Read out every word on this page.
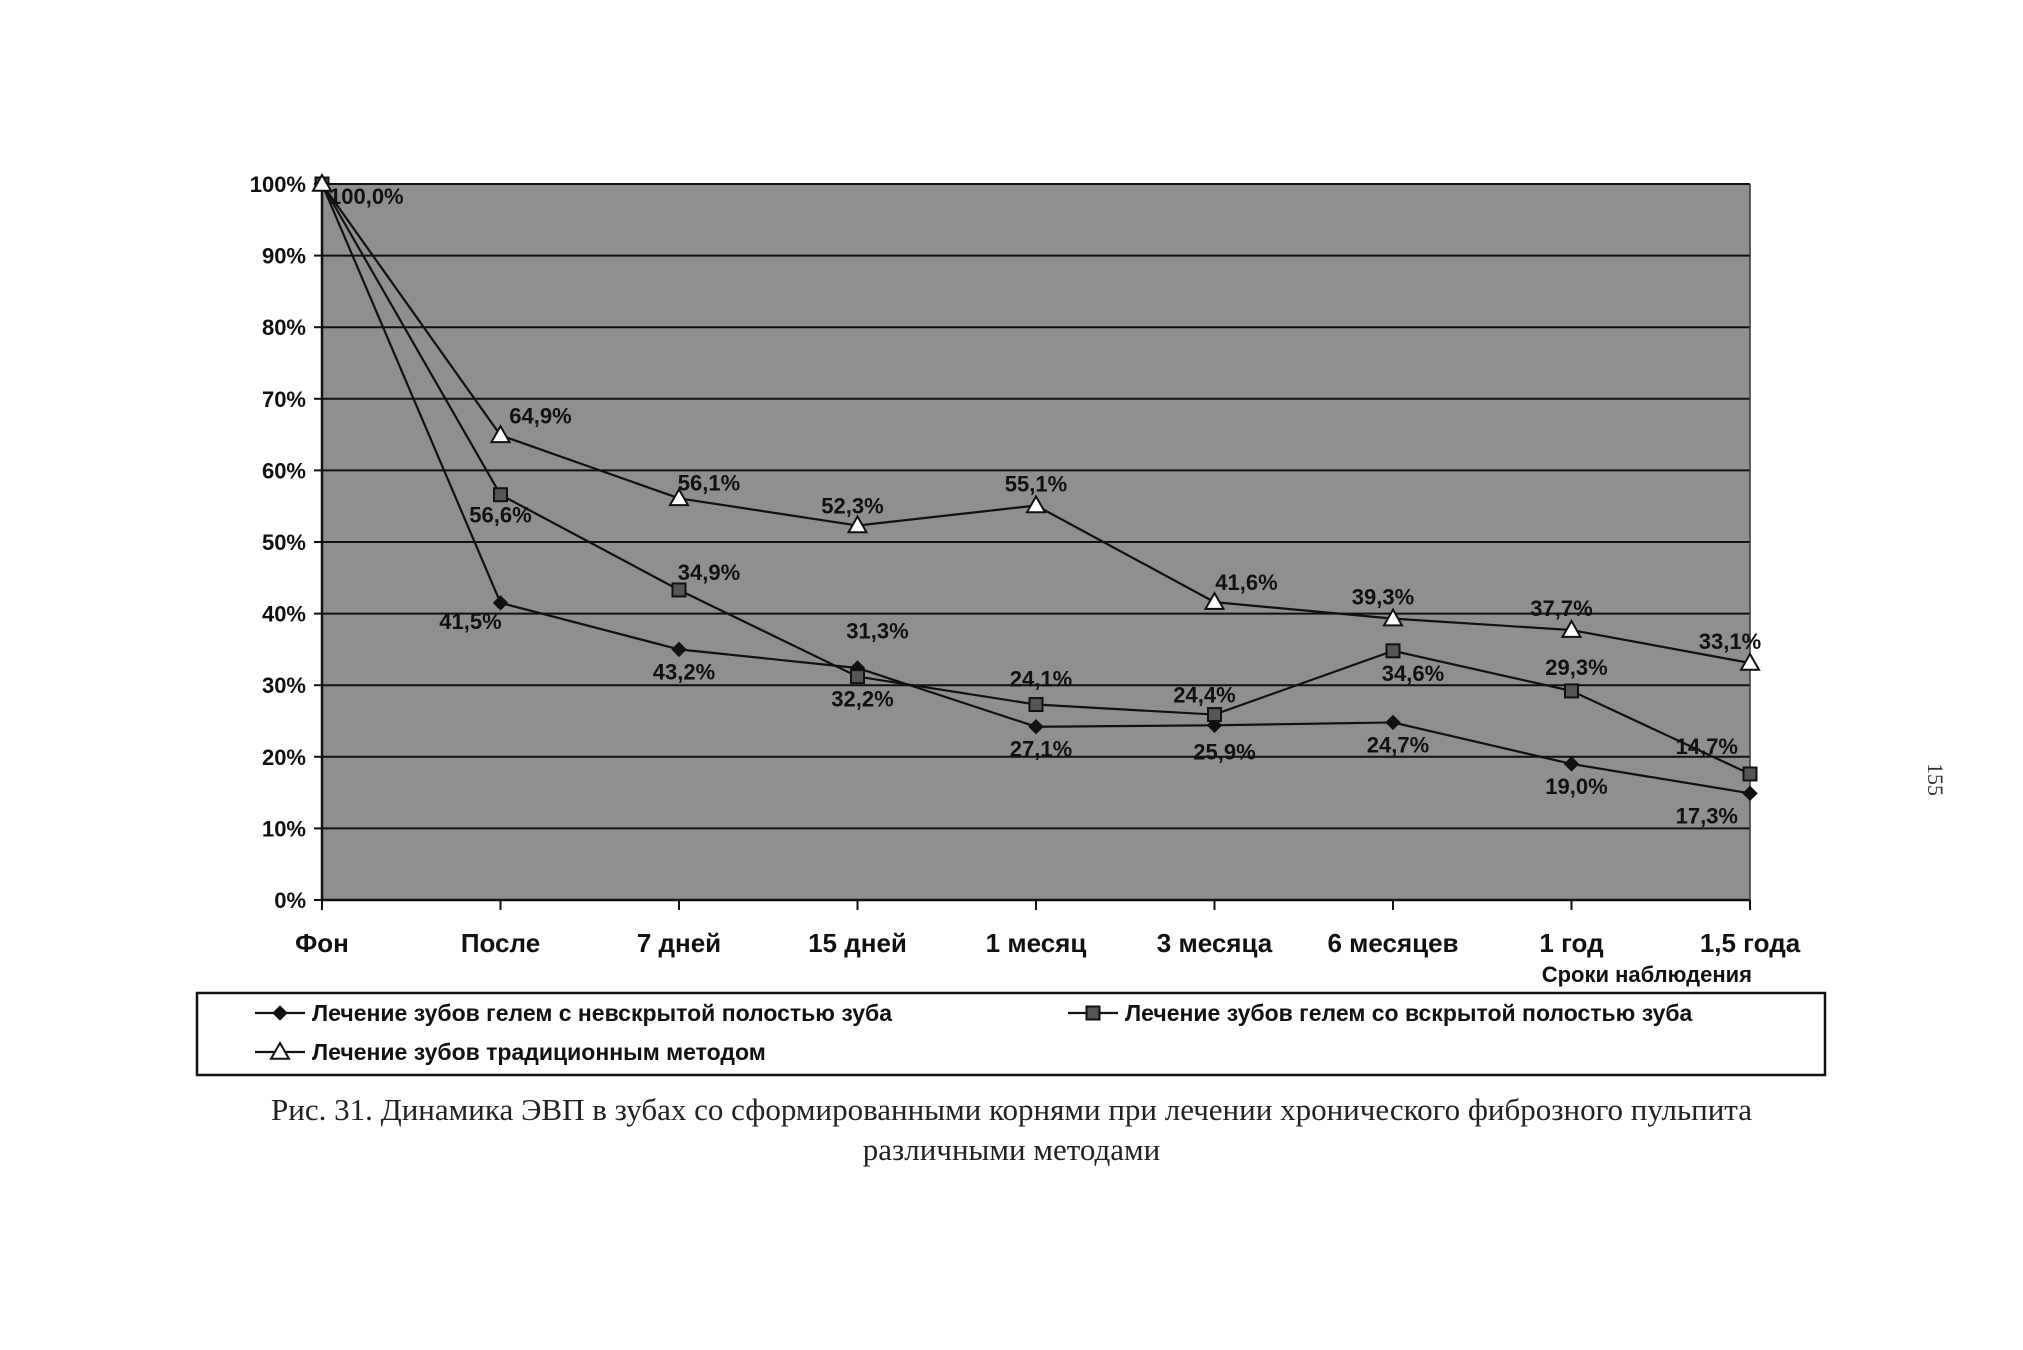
0%
10%
20%
30%
40%
50%
60%
70%
80%
90%
100%
Фон	После	7 дней	15 дней	1 месяц	3 месяца 6 месяцев	1 год	1,5 года
41,5%
43,2%
27,1%	25,9%	24,7%
19,0%
17,3%
56,6%
34,9%
32,2%
24,1%
24,4%
34,6%	29,3%
14,7%
100,0%
64,9%
56,1%
52,3%
55,1%
41,6%
39,3%	37,7%
33,1%
31,3%
Сроки наблюдения
Лечение зубов гелем с невскрытой полостью зуба	Лечение зубов гелем со вскрытой полостью зуба
Лечение зубов традиционным методом
Рис. 31. Динамика ЭВП в зубах со сформированными корнями при лечении хронического фиброзного пульпита
различными методами
155
